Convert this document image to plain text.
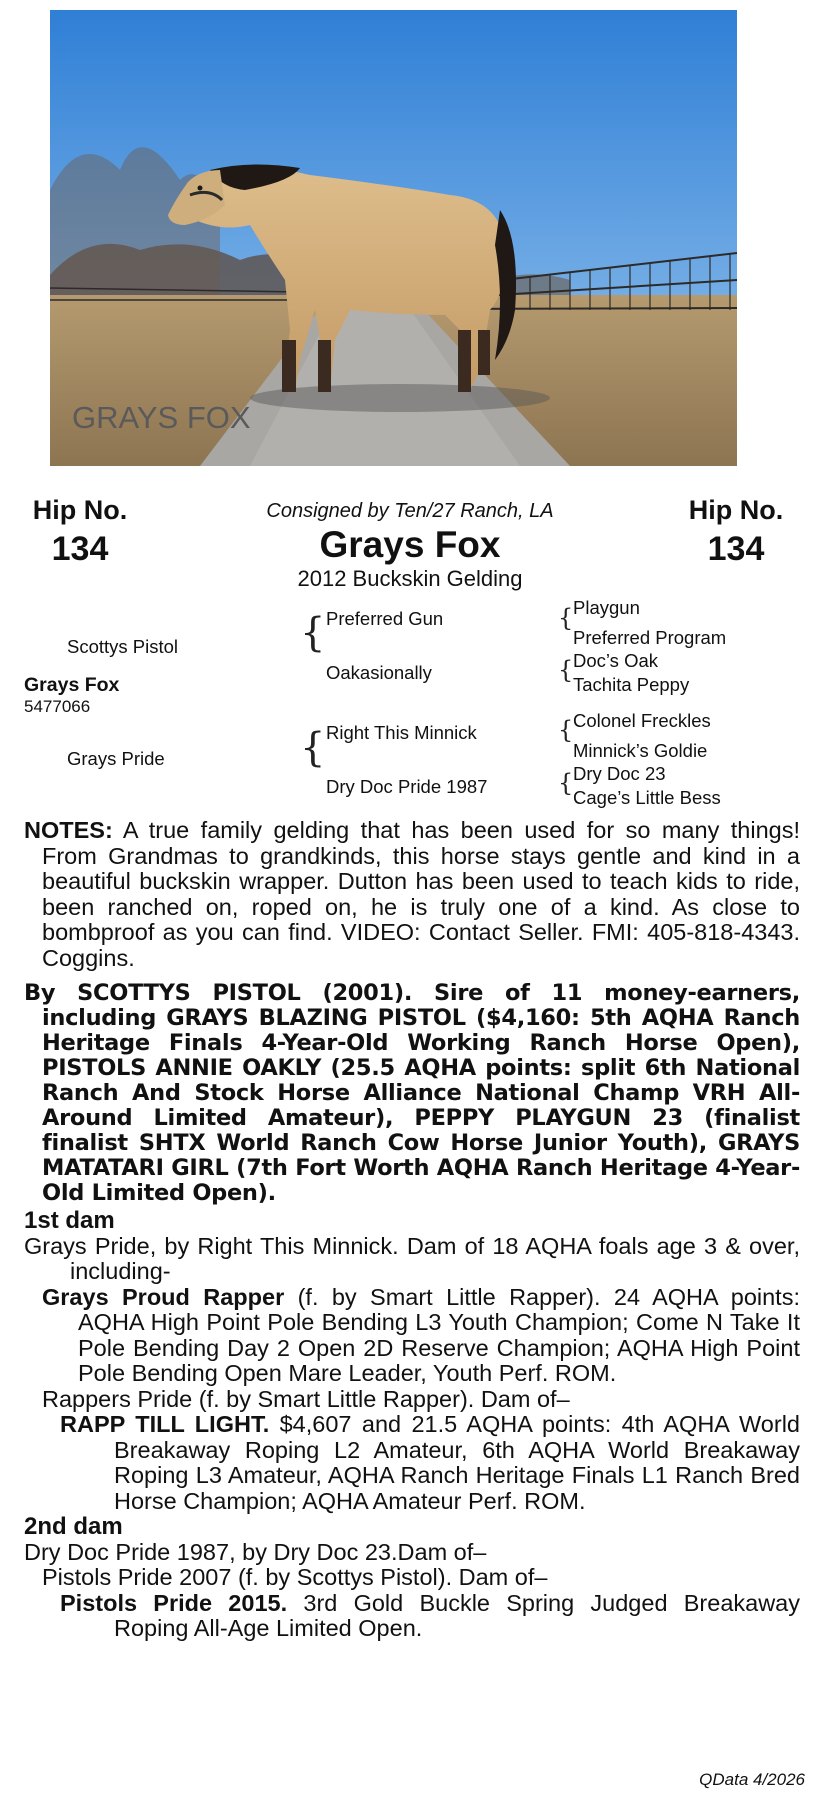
GRAYS FOX
Hip No.
134
Consigned by Ten/27 Ranch, LA
Grays Fox
2012 Buckskin Gelding
Hip No.
134
Scottys Pistol
Grays Fox
5477066
Grays Pride
{ Preferred Gun
Oakasionally
{ Right This Minnick
Dry Doc Pride 1987
{ Playgun
Preferred Program
{ Doc’s Oak
Tachita Peppy
{ Colonel Freckles
Minnick’s Goldie
{ Dry Doc 23
Cage’s Little Bess

NOTES: A true family gelding that has been used for so many things! From Grandmas to grandkinds, this horse stays gentle and kind in a beautiful buckskin wrapper. Dutton has been used to teach kids to ride, been ranched on, roped on, he is truly one of a kind. As close to bombproof as you can find. VIDEO: Contact Seller. FMI: 405-818-4343. Coggins.

By SCOTTYS PISTOL (2001). Sire of 11 money-earners, including GRAYS BLAZING PISTOL ($4,160: 5th AQHA Ranch Heritage Finals 4-Year-Old Working Ranch Horse Open), PISTOLS ANNIE OAKLY (25.5 AQHA points: split 6th National Ranch And Stock Horse Alliance National Champ VRH All-Around Limited Amateur), PEPPY PLAYGUN 23 (finalist finalist SHTX World Ranch Cow Horse Junior Youth), GRAYS MATATARI GIRL (7th Fort Worth AQHA Ranch Heritage 4-Year-Old Limited Open).

1st dam

Grays Pride, by Right This Minnick. Dam of 18 AQHA foals age 3 & over, including-

Grays Proud Rapper (f. by Smart Little Rapper). 24 AQHA points: AQHA High Point Pole Bending L3 Youth Champion; Come N Take It Pole Bending Day 2 Open 2D Reserve Champion; AQHA High Point Pole Bending Open Mare Leader, Youth Perf. ROM.

Rappers Pride (f. by Smart Little Rapper). Dam of–

RAPP TILL LIGHT. $4,607 and 21.5 AQHA points: 4th AQHA World Breakaway Roping L2 Amateur, 6th AQHA World Breakaway Roping L3 Amateur, AQHA Ranch Heritage Finals L1 Ranch Bred Horse Champion; AQHA Amateur Perf. ROM.

2nd dam

Dry Doc Pride 1987, by Dry Doc 23.Dam of–

Pistols Pride 2007 (f. by Scottys Pistol). Dam of–

Pistols Pride 2015. 3rd Gold Buckle Spring Judged Breakaway Roping All-Age Limited Open.

QData 4/2026
